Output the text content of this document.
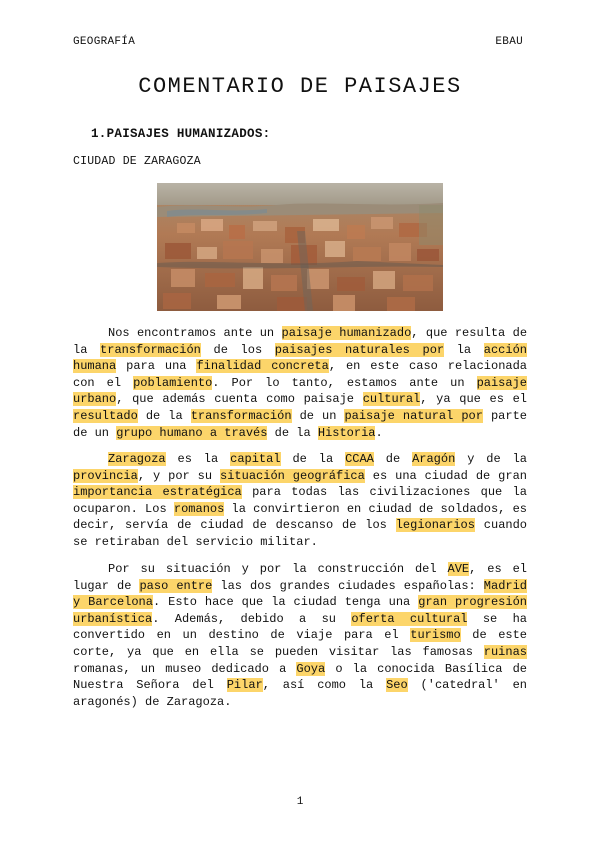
GEOGRAFÍA	EBAU
COMENTARIO DE PAISAJES
1.PAISAJES HUMANIZADOS:
CIUDAD DE ZARAGOZA
Nos encontramos ante un paisaje humanizado, que resulta de la transformación de los paisajes naturales por la acción humana para una finalidad concreta, en este caso relacionada con el poblamiento. Por lo tanto, estamos ante un paisaje urbano, que además cuenta como paisaje cultural, ya que es el resultado de la transformación de un paisaje natural por parte de un grupo humano a través de la Historia.
Zaragoza es la capital de la CCAA de Aragón y de la provincia, y por su situación geográfica es una ciudad de gran importancia estratégica para todas las civilizaciones que la ocuparon. Los romanos la convirtieron en ciudad de soldados, es decir, servía de ciudad de descanso de los legionarios cuando se retiraban del servicio militar.
Por su situación y por la construcción del AVE, es el lugar de paso entre las dos grandes ciudades españolas: Madrid y Barcelona. Esto hace que la ciudad tenga una gran progresión urbanística. Además, debido a su oferta cultural se ha convertido en un destino de viaje para el turismo de este corte, ya que en ella se pueden visitar las famosas ruinas romanas, un museo dedicado a Goya o la conocida Basílica de Nuestra Señora del Pilar, así como la Seo ('catedral' en aragonés) de Zaragoza.
1
